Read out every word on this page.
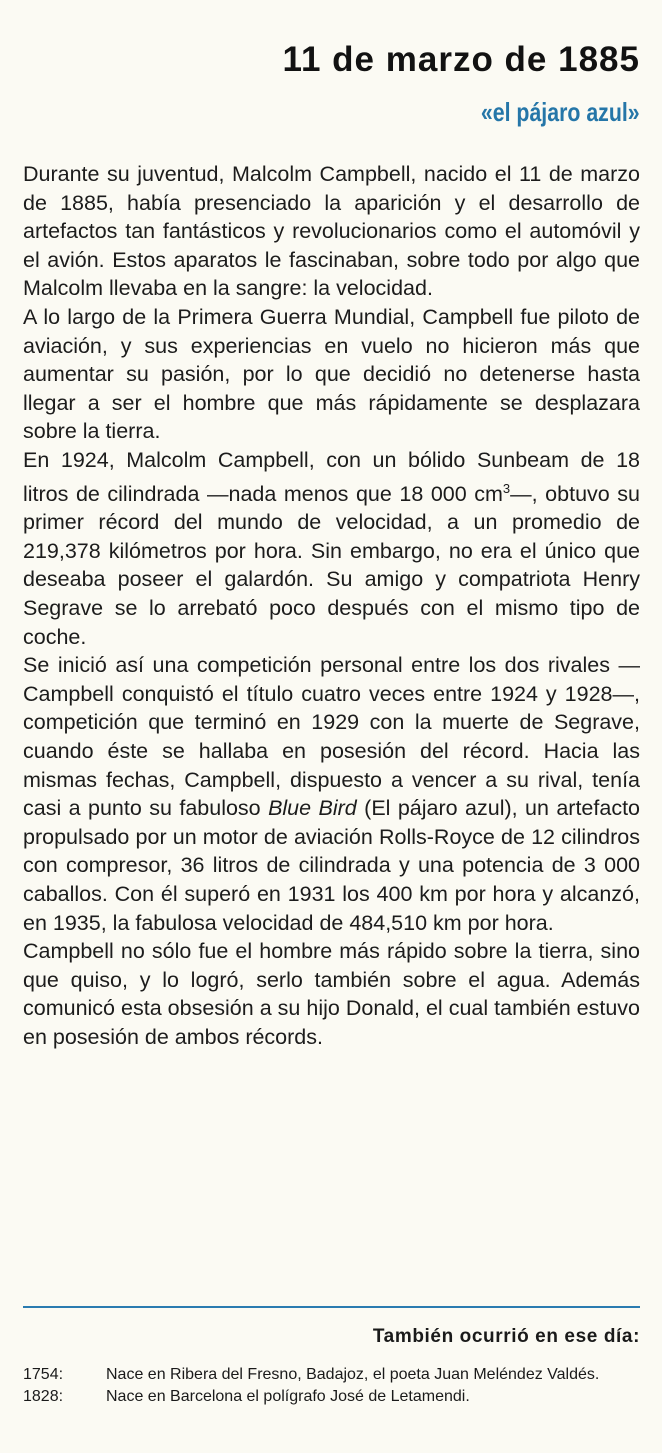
11 de marzo de 1885
«el pájaro azul»

Durante su juventud, Malcolm Campbell, nacido el 11 de marzo de 1885, había presenciado la aparición y el desarrollo de artefactos tan fantásticos y revolucionarios como el automóvil y el avión. Estos aparatos le fascinaban, sobre todo por algo que Malcolm llevaba en la sangre: la velocidad.

A lo largo de la Primera Guerra Mundial, Campbell fue piloto de aviación, y sus experiencias en vuelo no hicieron más que aumentar su pasión, por lo que decidió no detenerse hasta llegar a ser el hombre que más rápidamente se desplazara sobre la tierra.

En 1924, Malcolm Campbell, con un bólido Sunbeam de 18 litros de cilindrada —nada menos que 18 000 $cm^3—$, obtuvo su primer récord del mundo de velocidad, a un promedio de 219,378 kilómetros por hora. Sin embargo, no era el único que deseaba poseer el galardón. Su amigo y compatriota Henry Segrave se lo arrebató poco después con el mismo tipo de coche.

Se inició así una competición personal entre los dos rivales —Campbell conquistó el título cuatro veces entre 1924 y 1928—, competición que terminó en 1929 con la muerte de Segrave, cuando éste se hallaba en posesión del récord. Hacia las mismas fechas, Campbell, dispuesto a vencer a su rival, tenía casi a punto su fabuloso Blue Bird (El pájaro azul), un artefacto propulsado por un motor de aviación Rolls-Royce de 12 cilindros con compresor, 36 litros de cilindrada y una potencia de 3 000 caballos. Con él superó en 1931 los 400 km por hora y alcanzó, en 1935, la fabulosa velocidad de 484,510 km por hora.

Campbell no sólo fue el hombre más rápido sobre la tierra, sino que quiso, y lo logró, serlo también sobre el agua. Además comunicó esta obsesión a su hijo Donald, el cual también estuvo en posesión de ambos récords.

También ocurrió en ese día:
1754:	Nace en Ribera del Fresno, Badajoz, el poeta Juan Meléndez Valdés.
1828:	Nace en Barcelona el polígrafo José de Letamendi.
